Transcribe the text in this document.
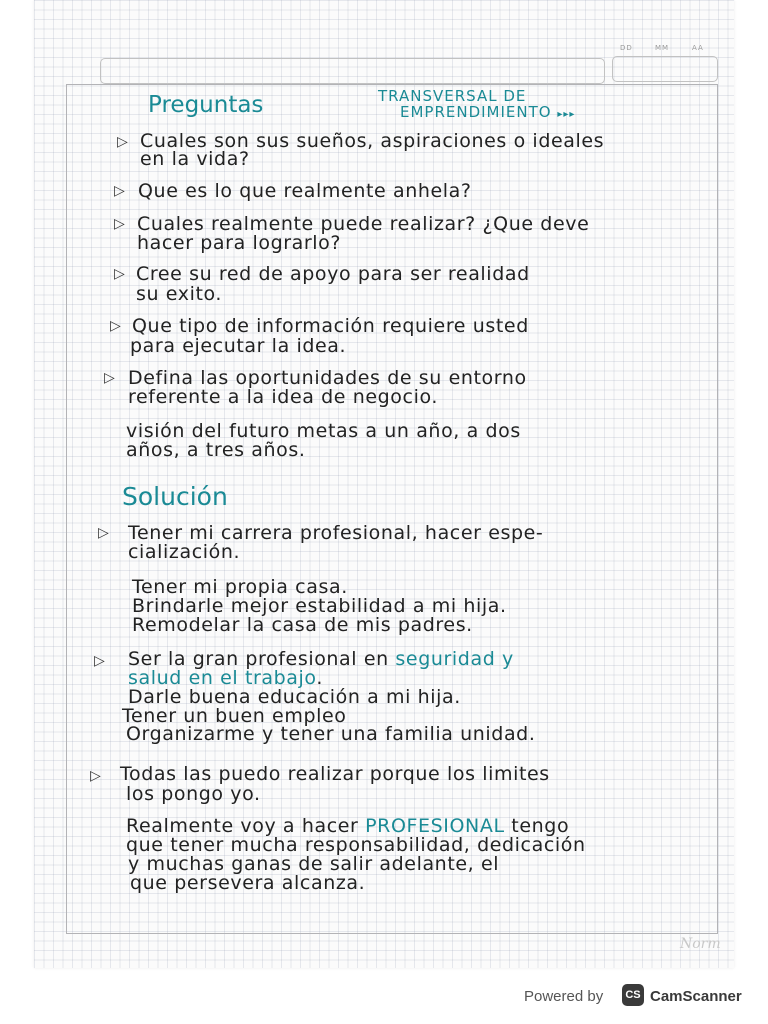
DD	MM	AA
Preguntas	TRANSVERSAL DE
EMPRENDIMIENTO ▸▸▸
▷ Cuales son sus sueños, aspiraciones o ideales
en la vida?
▷ Que es lo que realmente anhela?
▷ Cuales realmente puede realizar? ¿Que deve
hacer para lograrlo?
▷ Cree su red de apoyo para ser realidad
su exito.
▷ Que tipo de información requiere usted
para ejecutar la idea.
▷ Defina las oportunidades de su entorno
referente a la idea de negocio.
visión del futuro metas a un año, a dos
años, a tres años.
Solución
▷ Tener mi carrera profesional, hacer espe-
cialización.
Tener mi propia casa.
Brindarle mejor estabilidad a mi hija.
Remodelar la casa de mis padres.
▷ Ser la gran profesional en seguridad y
salud en el trabajo.
Darle buena educación a mi hija.
Tener un buen empleo
Organizarme y tener una familia unidad.
▷ Todas las puedo realizar porque los limites
los pongo yo.
Realmente voy a hacer PROFESIONAL tengo
que tener mucha responsabilidad, dedicación
y muchas ganas de salir adelante, el
que persevera alcanza.
Norm
Powered by	CS CamScanner
